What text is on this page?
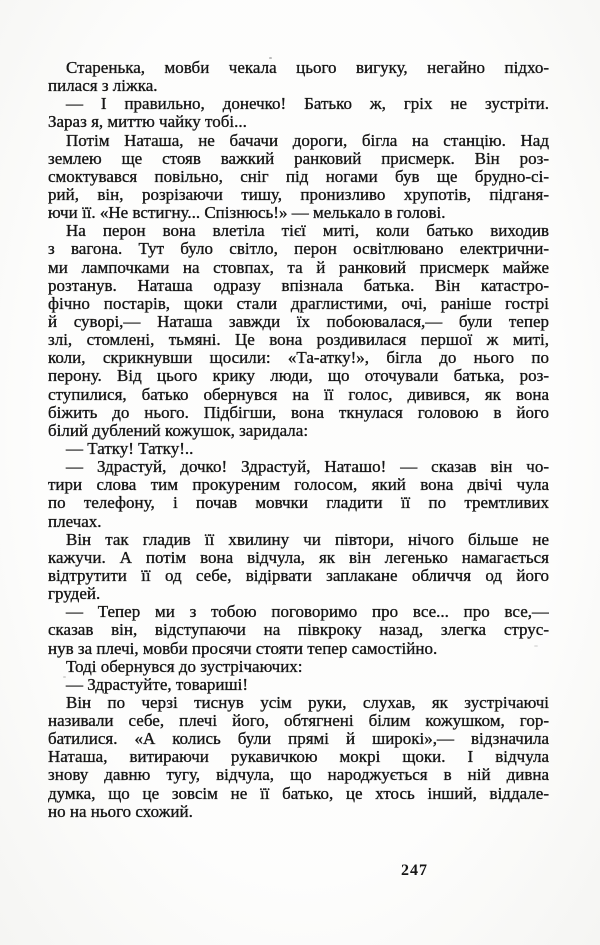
Старенька, мовби чекала цього вигуку, негайно підхо-
пилася з ліжка.

— І правильно, донечко! Батько ж, гріх не зустріти.
Зараз я, миттю чайку тобі...

Потім Наташа, не бачачи дороги, бігла на станцію. Над
землею ще стояв важкий ранковий присмерк. Він роз-
смоктувався повільно, сніг під ногами був ще брудно-сі-
рий, він, розрізаючи тишу, пронизливо хрупотів, підганя-
ючи її. «Не встигну... Спізнюсь!» — мелькало в голові.

На перон вона влетіла тієї миті, коли батько виходив
з вагона. Тут було світло, перон освітлювано електрични-
ми лампочками на стовпах, та й ранковий присмерк майже
розтанув. Наташа одразу впізнала батька. Він катастро-
фічно постарів, щоки стали драглистими, очі, раніше гострі
й суворі,— Наташа завжди їх побоювалася,— були тепер
злі, стомлені, тьмяні. Це вона роздивилася першої ж миті,
коли, скрикнувши щосили: «Та-атку!», бігла до нього по
перону. Від цього крику люди, що оточували батька, роз-
ступилися, батько обернувся на її голос, дивився, як вона
біжить до нього. Підбігши, вона ткнулася головою в його
білий дублений кожушок, заридала:

— Татку! Татку!..

— Здрастуй, дочко! Здрастуй, Наташо! — сказав він чо-
тири слова тим прокуреним голосом, який вона двічі чула
по телефону, і почав мовчки гладити її по тремтливих
плечах.

Він так гладив її хвилину чи півтори, нічого більше не
кажучи. А потім вона відчула, як він легенько намагається
відтрутити її од себе, відірвати заплакане обличчя од його
грудей.

— Тепер ми з тобою поговоримо про все... про все,—
сказав він, відступаючи на півкроку назад, злегка струс-
нув за плечі, мовби просячи стояти тепер самостійно.

Тоді обернувся до зустрічаючих:

— Здрастуйте, товариші!

Він по черзі тиснув усім руки, слухав, як зустрічаючі
називали себе, плечі його, обтягнені білим кожушком, гор-
батилися. «А колись були прямі й широкі»,— відзначила
Наташа, витираючи рукавичкою мокрі щоки. І відчула
знову давню тугу, відчула, що народжується в ній дивна
думка, що це зовсім не її батько, це хтось інший, віддале-
но на нього схожий.

247
